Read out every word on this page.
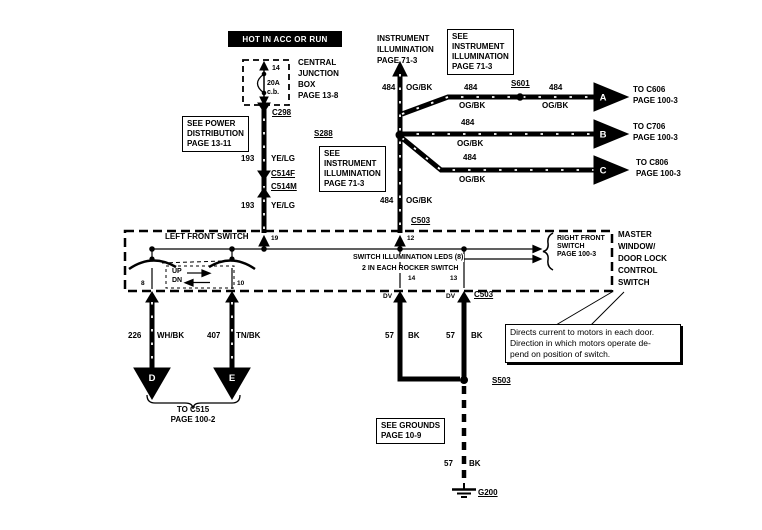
A
B
C
D	E
HOT IN ACC OR RUN
CENTRAL
JUNCTION
BOX
PAGE 13-8
14
20A
c.b.
C298
SEE POWER
DISTRIBUTION
PAGE 13-11
193 YE/LG
C514F
C514M
193 YE/LG
INSTRUMENT
ILLUMINATION
PAGE 71-3
SEE
INSTRUMENT
ILLUMINATION
PAGE 71-3
484 OG/BK	484
OG/BK
S601 484
OG/BK
484
OG/BK
484
OG/BK
S288
SEE
INSTRUMENT
ILLUMINATION
PAGE 71-3
484 OG/BK
C503
TO C606
PAGE 100-3
TO C706
PAGE 100-3
TO C806
PAGE 100-3
LEFT FRONT SWITCH	19	12
UP
DN
SWITCH ILLUMINATION LEDS (8)
2 IN EACH ROCKER SWITCH
14	13
8	10
RIGHT FRONT
SWITCH
PAGE 100-3
MASTER
WINDOW/
DOOR LOCK
CONTROL
SWITCH
DV	DV C503
226 WH/BK	407 TN/BK
TO C515
PAGE 100-2
57 BK	57 BK
S503
SEE GROUNDS
PAGE 10-9
57 BK
G200
Directs current to motors in each door.
Direction in which motors operate de-
pend on position of switch.
